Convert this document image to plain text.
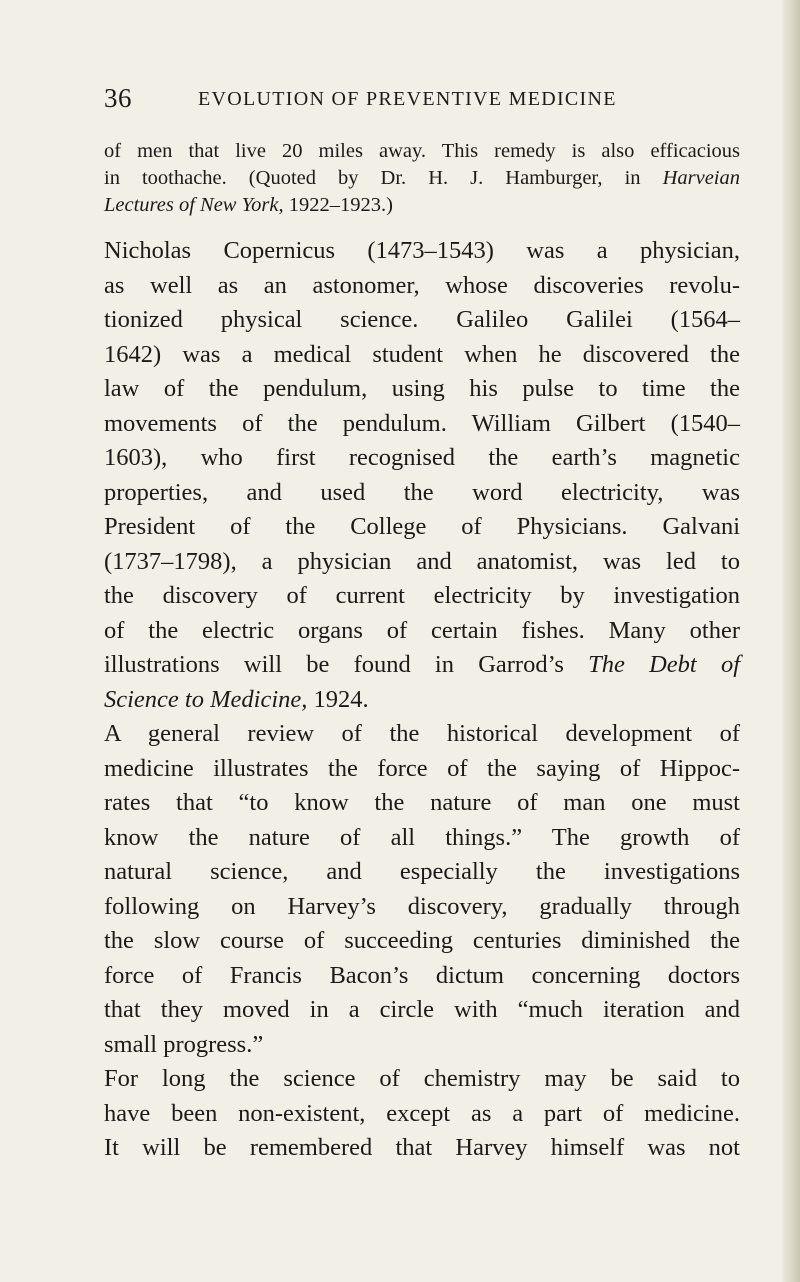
36	EVOLUTION OF PREVENTIVE MEDICINE

of men that live 20 miles away. This remedy is also efficacious
in toothache. (Quoted by Dr. H. J. Hamburger, in Harveian
Lectures of New York, 1922–1923.)

Nicholas Copernicus (1473–1543) was a physician,
as well as an astonomer, whose discoveries revolu-
tionized physical science. Galileo Galilei (1564–
1642) was a medical student when he discovered the
law of the pendulum, using his pulse to time the
movements of the pendulum. William Gilbert (1540–
1603), who first recognised the earth’s magnetic
properties, and used the word electricity, was
President of the College of Physicians. Galvani
(1737–1798), a physician and anatomist, was led to
the discovery of current electricity by investigation
of the electric organs of certain fishes. Many other
illustrations will be found in Garrod’s The Debt of
Science to Medicine, 1924.

A general review of the historical development of
medicine illustrates the force of the saying of Hippoc-
rates that “to know the nature of man one must
know the nature of all things.” The growth of
natural science, and especially the investigations
following on Harvey’s discovery, gradually through
the slow course of succeeding centuries diminished the
force of Francis Bacon’s dictum concerning doctors
that they moved in a circle with “much iteration and
small progress.”

For long the science of chemistry may be said to
have been non-existent, except as a part of medicine.
It will be remembered that Harvey himself was not
